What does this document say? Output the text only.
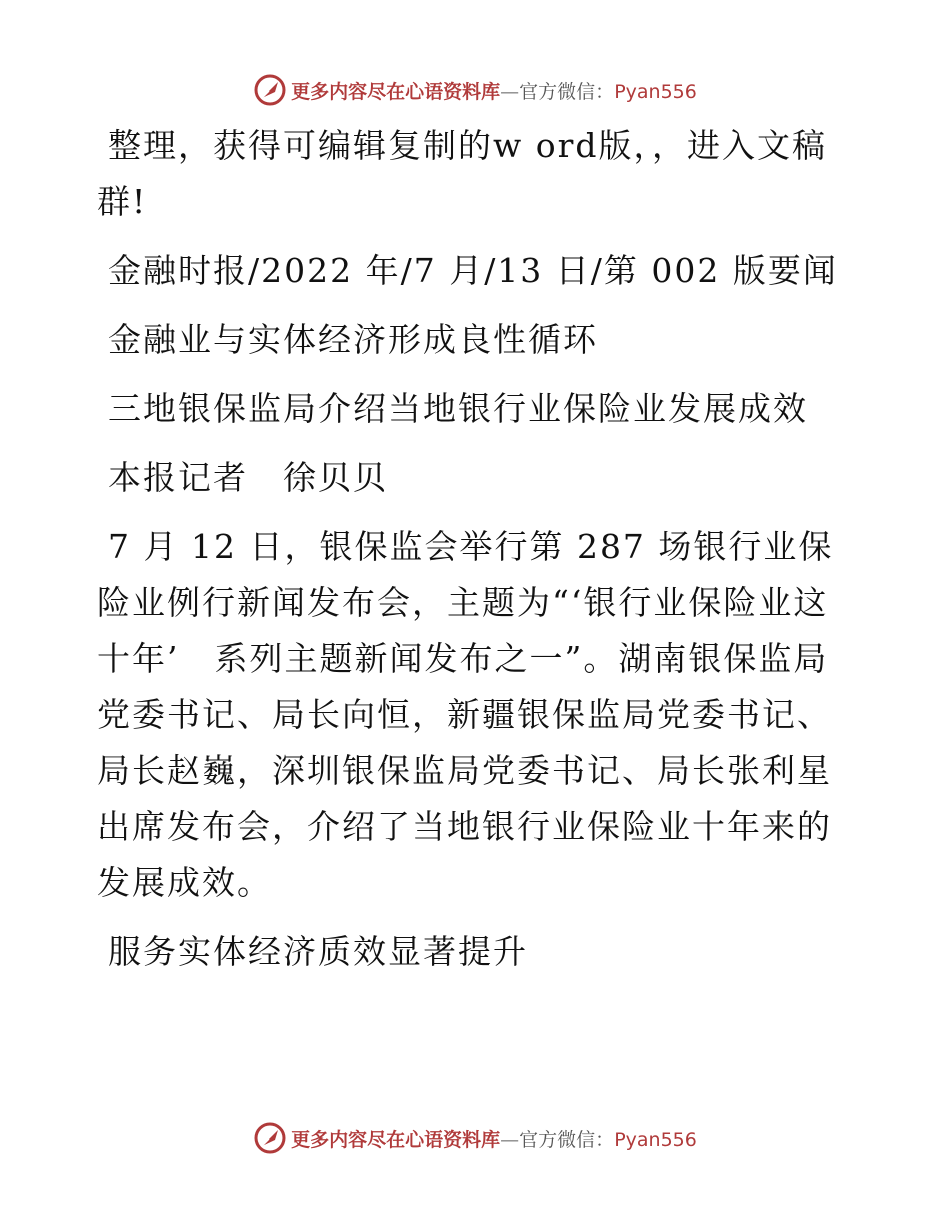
更多内容尽在心语资料库—官方微信：Pyan556

整理，获得可编辑复制的w ord版，，进入文稿群!

金融时报/2022 年/7 月/13 日/第 002 版要闻

金融业与实体经济形成良性循环

三地银保监局介绍当地银行业保险业发展成效

本报记者　徐贝贝

7 月 12 日，银保监会举行第 287 场银行业保险业例行新闻发布会，主题为“‘银行业保险业这十年’　系列主题新闻发布之一”。湖南银保监局党委书记、局长向恒，新疆银保监局党委书记、局长赵巍，深圳银保监局党委书记、局长张利星出席发布会，介绍了当地银行业保险业十年来的发展成效。

服务实体经济质效显著提升

更多内容尽在心语资料库—官方微信：Pyan556
